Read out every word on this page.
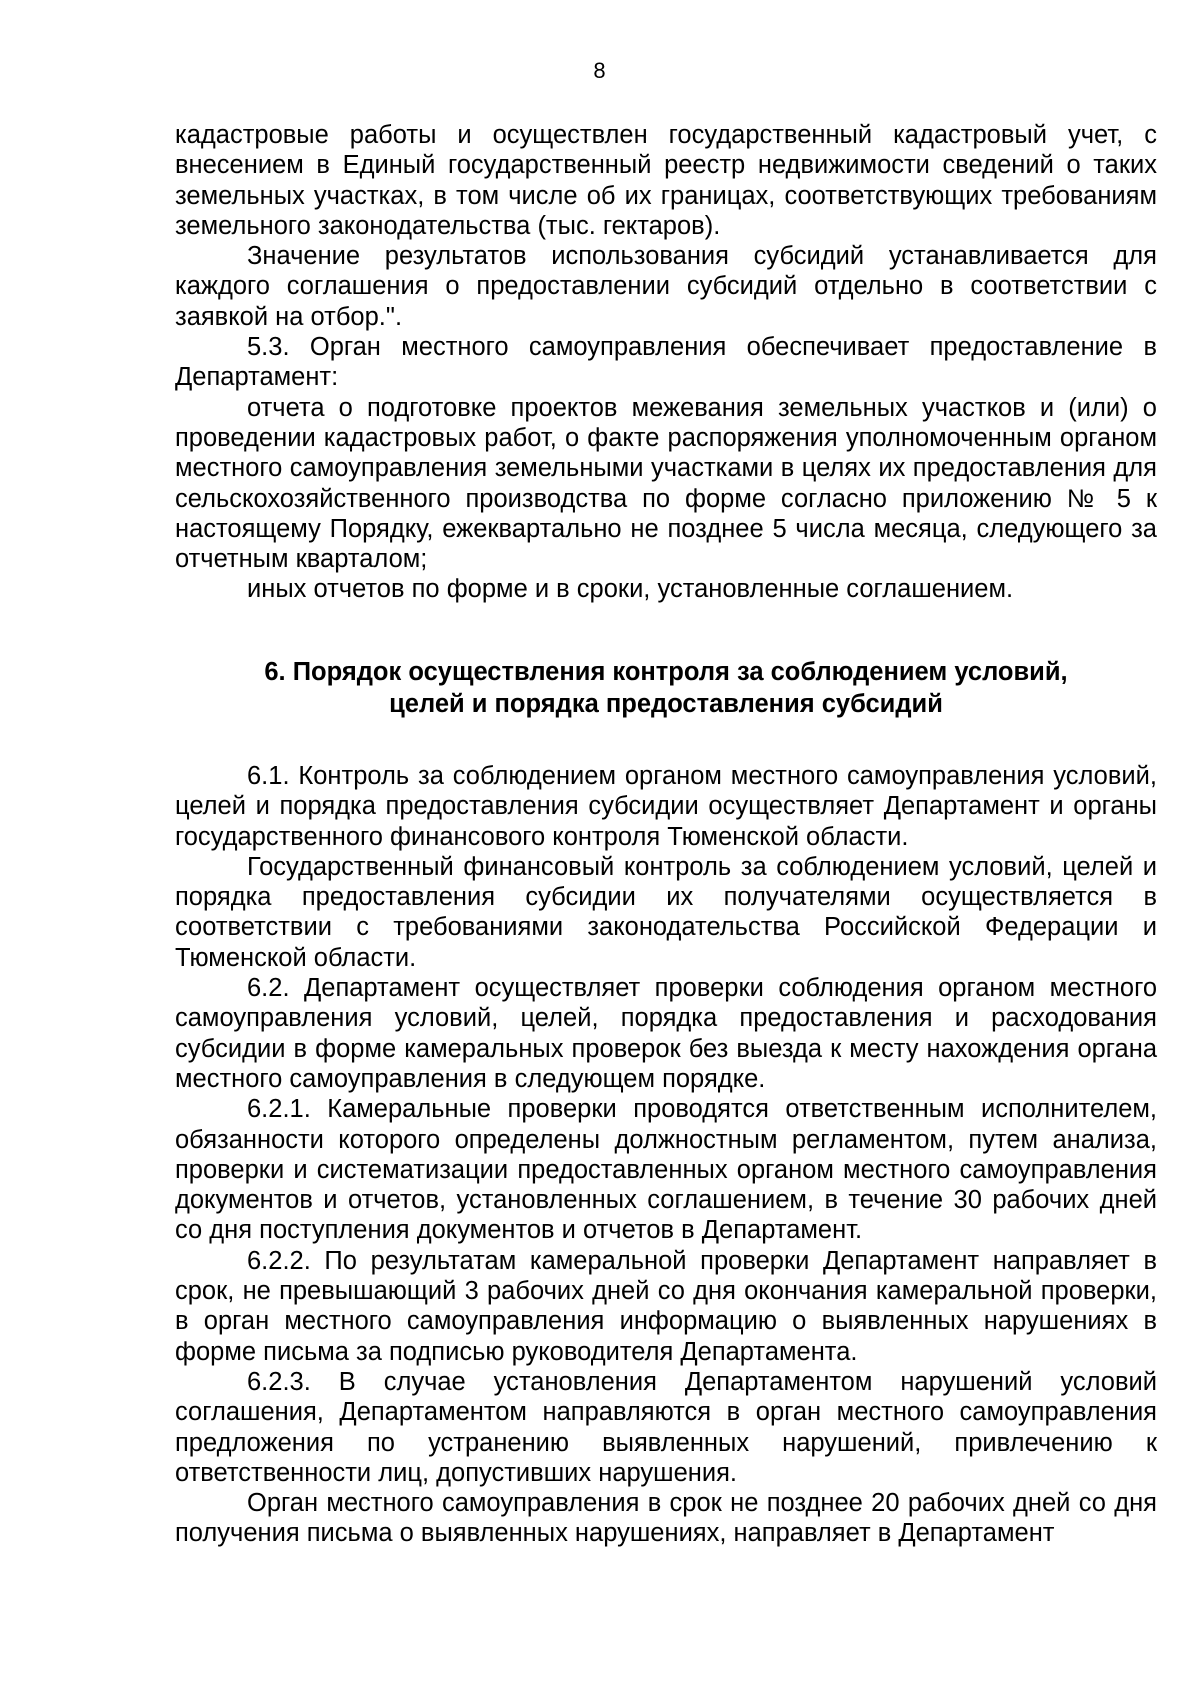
8

кадастровые работы и осуществлен государственный кадастровый учет, с внесением в Единый государственный реестр недвижимости сведений о таких земельных участках, в том числе об их границах, соответствующих требованиям земельного законодательства (тыс. гектаров).

Значение результатов использования субсидий устанавливается для каждого соглашения о предоставлении субсидий отдельно в соответствии с заявкой на отбор.".

5.3. Орган местного самоуправления обеспечивает предоставление в Департамент:

отчета о подготовке проектов межевания земельных участков и (или) о проведении кадастровых работ, о факте распоряжения уполномоченным органом местного самоуправления земельными участками в целях их предоставления для сельскохозяйственного производства по форме согласно приложению № 5 к настоящему Порядку, ежеквартально не позднее 5 числа месяца, следующего за отчетным кварталом;

иных отчетов по форме и в сроки, установленные соглашением.

6. Порядок осуществления контроля за соблюдением условий,
целей и порядка предоставления субсидий

6.1. Контроль за соблюдением органом местного самоуправления условий, целей и порядка предоставления субсидии осуществляет Департамент и органы государственного финансового контроля Тюменской области.

Государственный финансовый контроль за соблюдением условий, целей и порядка предоставления субсидии их получателями осуществляется в соответствии с требованиями законодательства Российской Федерации и Тюменской области.

6.2. Департамент осуществляет проверки соблюдения органом местного самоуправления условий, целей, порядка предоставления и расходования субсидии в форме камеральных проверок без выезда к месту нахождения органа местного самоуправления в следующем порядке.

6.2.1. Камеральные проверки проводятся ответственным исполнителем, обязанности которого определены должностным регламентом, путем анализа, проверки и систематизации предоставленных органом местного самоуправления документов и отчетов, установленных соглашением, в течение 30 рабочих дней со дня поступления документов и отчетов в Департамент.

6.2.2. По результатам камеральной проверки Департамент направляет в срок, не превышающий 3 рабочих дней со дня окончания камеральной проверки, в орган местного самоуправления информацию о выявленных нарушениях в форме письма за подписью руководителя Департамента.

6.2.3. В случае установления Департаментом нарушений условий соглашения, Департаментом направляются в орган местного самоуправления предложения по устранению выявленных нарушений, привлечению к ответственности лиц, допустивших нарушения.

Орган местного самоуправления в срок не позднее 20 рабочих дней со дня получения письма о выявленных нарушениях, направляет в Департамент
